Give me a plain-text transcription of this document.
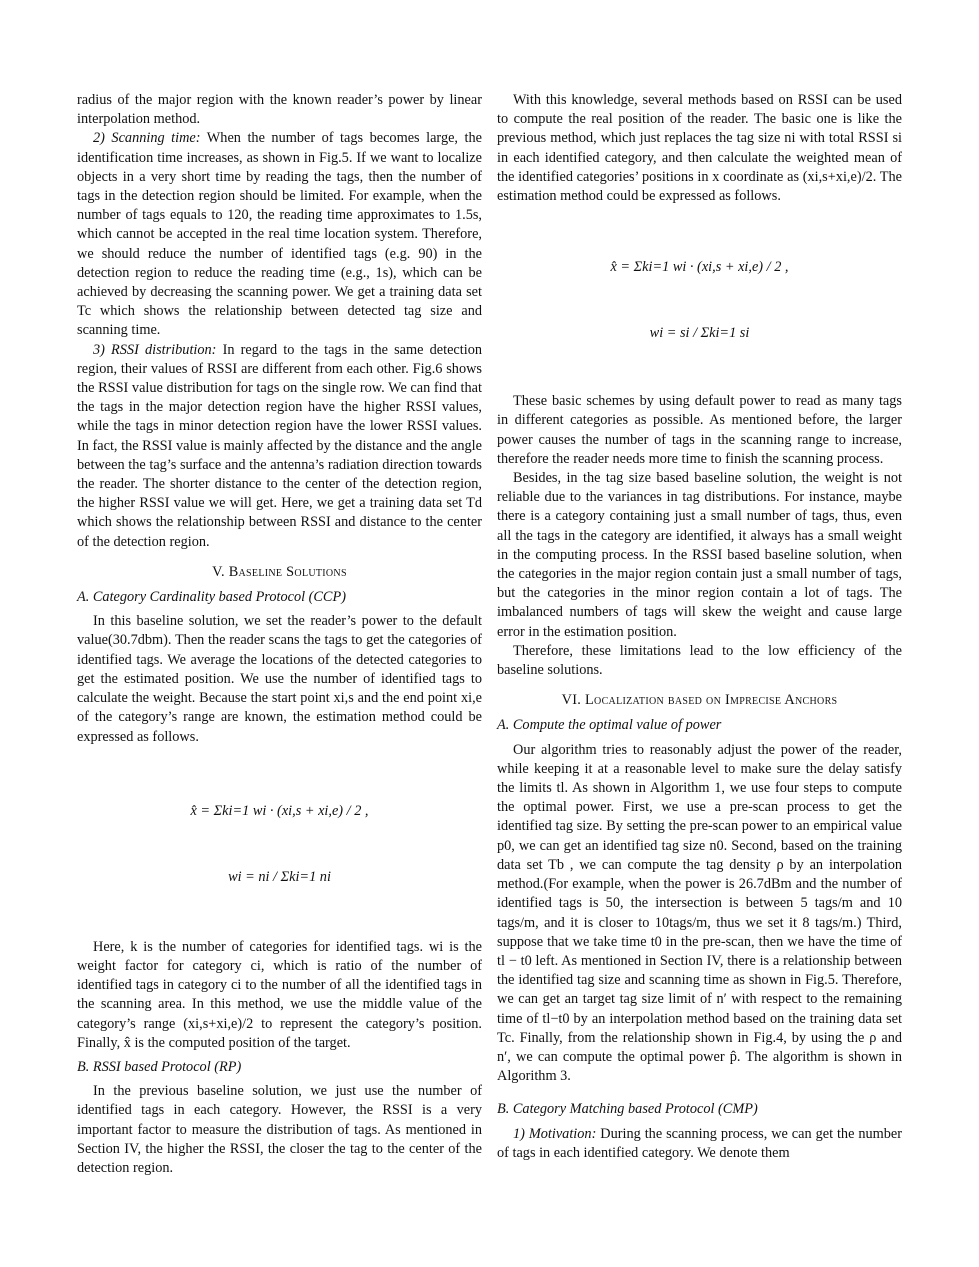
radius of the major region with the known reader’s power by linear interpolation method.

2) Scanning time: When the number of tags becomes large, the identification time increases, as shown in Fig.5. If we want to localize objects in a very short time by reading the tags, then the number of tags in the detection region should be limited. For example, when the number of tags equals to 120, the reading time approximates to 1.5s, which cannot be accepted in the real time location system. Therefore, we should reduce the number of identified tags (e.g. 90) in the detection region to reduce the reading time (e.g., 1s), which can be achieved by decreasing the scanning power. We get a training data set Tc which shows the relationship between detected tag size and scanning time.

3) RSSI distribution: In regard to the tags in the same detection region, their values of RSSI are different from each other. Fig.6 shows the RSSI value distribution for tags on the single row. We can find that the tags in the major detection region have the higher RSSI values, while the tags in minor detection region have the lower RSSI values. In fact, the RSSI value is mainly affected by the distance and the angle between the tag’s surface and the antenna’s radiation direction towards the reader. The shorter distance to the center of the detection region, the higher RSSI value we will get. Here, we get a training data set Td which shows the relationship between RSSI and distance to the center of the detection region.

V. Baseline Solutions
A. Category Cardinality based Protocol (CCP)

In this baseline solution, we set the reader’s power to the default value(30.7dbm). Then the reader scans the tags to get the categories of identified tags. We average the locations of the detected categories to get the estimated position. We use the number of identified tags to calculate the weight. Because the start point xi,s and the end point xi,e of the category’s range are known, the estimation method could be expressed as follows.

x̂ = Σki=1 wi · (xi,s + xi,e) / 2 ,

wi = ni / Σki=1 ni

Here, k is the number of categories for identified tags. wi is the weight factor for category ci, which is ratio of the number of identified tags in category ci to the number of all the identified tags in the scanning area. In this method, we use the middle value of the category’s range (xi,s+xi,e)/2 to represent the category’s position. Finally, x̂ is the computed position of the target.

B. RSSI based Protocol (RP)

In the previous baseline solution, we just use the number of identified tags in each category. However, the RSSI is a very important factor to measure the distribution of tags. As mentioned in Section IV, the higher the RSSI, the closer the tag to the center of the detection region.

With this knowledge, several methods based on RSSI can be used to compute the real position of the reader. The basic one is like the previous method, which just replaces the tag size ni with total RSSI si in each identified category, and then calculate the weighted mean of the identified categories’ positions in x coordinate as (xi,s+xi,e)/2. The estimation method could be expressed as follows.

x̂ = Σki=1 wi · (xi,s + xi,e) / 2 ,

wi = si / Σki=1 si

These basic schemes by using default power to read as many tags in different categories as possible. As mentioned before, the larger power causes the number of tags in the scanning range to increase, therefore the reader needs more time to finish the scanning process.

Besides, in the tag size based baseline solution, the weight is not reliable due to the variances in tag distributions. For instance, maybe there is a category containing just a small number of tags, thus, even all the tags in the category are identified, it always has a small weight in the computing process. In the RSSI based baseline solution, when the categories in the major region contain just a small number of tags, but the categories in the minor region contain a lot of tags. The imbalanced numbers of tags will skew the weight and cause large error in the estimation position.

Therefore, these limitations lead to the low efficiency of the baseline solutions.

VI. Localization based on Imprecise Anchors
A. Compute the optimal value of power

Our algorithm tries to reasonably adjust the power of the reader, while keeping it at a reasonable level to make sure the delay satisfy the limits tl. As shown in Algorithm 1, we use four steps to compute the optimal power. First, we use a pre-scan process to get the identified tag size. By setting the pre-scan power to an empirical value p0, we can get an identified tag size n0. Second, based on the training data set Tb , we can compute the tag density ρ by an interpolation method.(For example, when the power is 26.7dBm and the number of identified tags is 50, the intersection is between 5 tags/m and 10 tags/m, and it is closer to 10tags/m, thus we set it 8 tags/m.) Third, suppose that we take time t0 in the pre-scan, then we have the time of tl − t0 left. As mentioned in Section IV, there is a relationship between the identified tag size and scanning time as shown in Fig.5. Therefore, we can get an target tag size limit of n′ with respect to the remaining time of tl−t0 by an interpolation method based on the training data set Tc. Finally, from the relationship shown in Fig.4, by using the ρ and n′, we can compute the optimal power p̂. The algorithm is shown in Algorithm 3.

B. Category Matching based Protocol (CMP)

1) Motivation: During the scanning process, we can get the number of tags in each identified category. We denote them
